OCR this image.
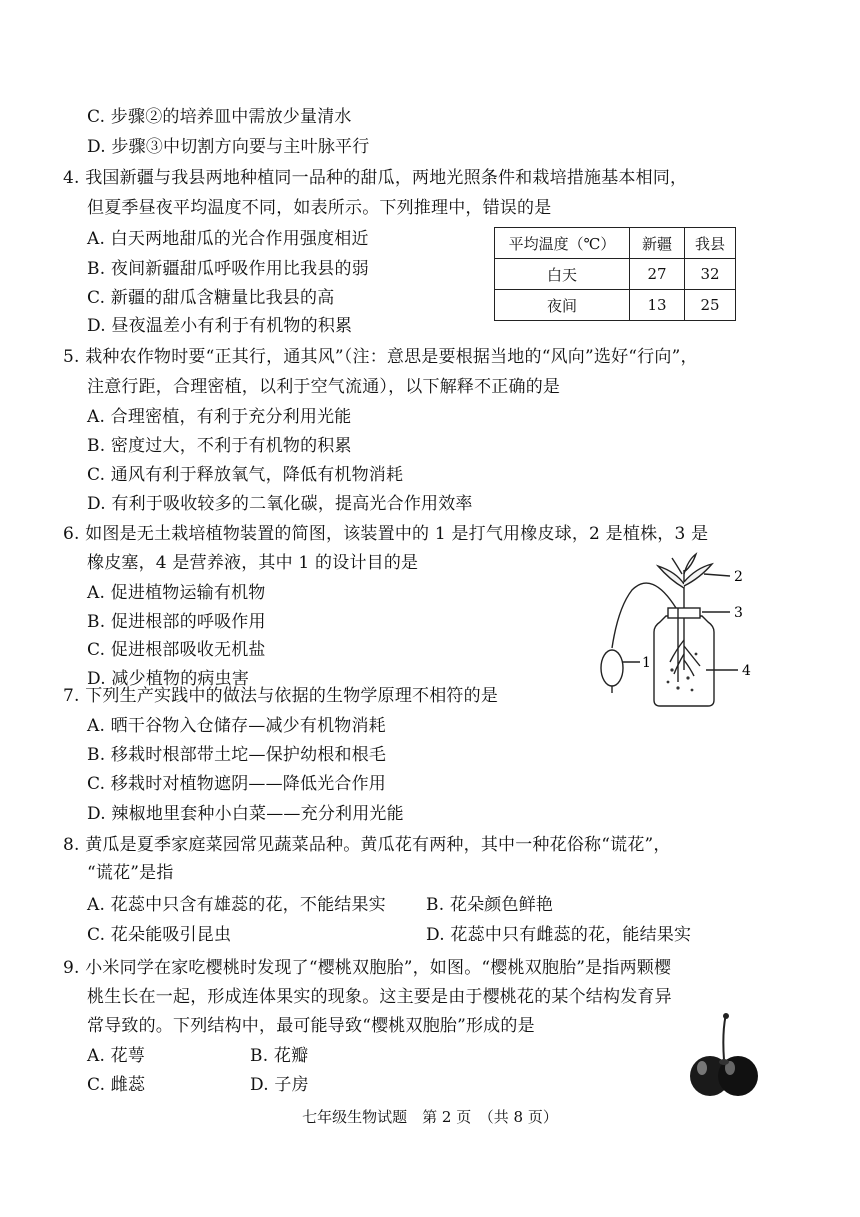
C. 步骤②的培养皿中需放少量清水
D. 步骤③中切割方向要与主叶脉平行
4. 我国新疆与我县两地种植同一品种的甜瓜，两地光照条件和栽培措施基本相同，
但夏季昼夜平均温度不同，如表所示。下列推理中，错误的是
A. 白天两地甜瓜的光合作用强度相近
B. 夜间新疆甜瓜呼吸作用比我县的弱
C. 新疆的甜瓜含糖量比我县的高
D. 昼夜温差小有利于有机物的积累
平均温度（℃）	新疆	我县
白天	27	32
夜间	13	25
5. 栽种农作物时要“正其行，通其风”（注：意思是要根据当地的“风向”选好“行向”，
注意行距，合理密植，以利于空气流通），以下解释不正确的是
A. 合理密植，有利于充分利用光能
B. 密度过大，不利于有机物的积累
C. 通风有利于释放氧气，降低有机物消耗
D. 有利于吸收较多的二氧化碳，提高光合作用效率
6. 如图是无土栽培植物装置的简图，该装置中的 1 是打气用橡皮球，2 是植株，3 是
橡皮塞，4 是营养液，其中 1 的设计目的是
A. 促进植物运输有机物
B. 促进根部的呼吸作用
C. 促进根部吸收无机盐
D. 减少植物的病虫害
2
3
4
1
7. 下列生产实践中的做法与依据的生物学原理不相符的是
A. 晒干谷物入仓储存—减少有机物消耗
B. 移栽时根部带土坨—保护幼根和根毛
C. 移栽时对植物遮阴——降低光合作用
D. 辣椒地里套种小白菜——充分利用光能
8. 黄瓜是夏季家庭菜园常见蔬菜品种。黄瓜花有两种，其中一种花俗称“谎花”，
“谎花”是指
A. 花蕊中只含有雄蕊的花，不能结果实 B. 花朵颜色鲜艳
C. 花朵能吸引昆虫	D. 花蕊中只有雌蕊的花，能结果实
9. 小米同学在家吃樱桃时发现了“樱桃双胞胎”，如图。“樱桃双胞胎”是指两颗樱
桃生长在一起，形成连体果实的现象。这主要是由于樱桃花的某个结构发育异
常导致的。下列结构中，最可能导致“樱桃双胞胎”形成的是
A. 花萼	B. 花瓣
C. 雌蕊	D. 子房
七年级生物试题　第 2 页　（共 8 页）
